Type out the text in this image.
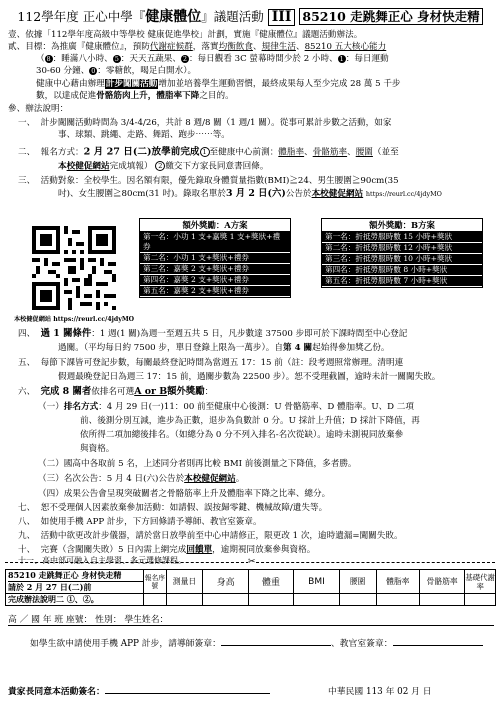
112學年度 正心中學『健康體位』議題活動 III 85210 走跳舞正心 身材快走精
壹、依據「112學年度高級中等學校 健康促進學校」計劃，實施『健康體位』議題活動辦法。
貳、目標：為推廣『健康體位』，預防代謝症候群，落實均衡飲食、規律生活、85210 五大核心能力
（ 8 ：睡滿八小時、 5 ：天天五蔬果、 2 ：每日觀看 3C 螢幕時間少於 2 小時、 1 ：每日運動
30-60 分鐘、 0 ：零糖飲，喝足白開水）。
健康中心藉由辦理計步闖關活動增加並培養學生運動習慣，最終成果每人至少完成 28 萬 5 千步
數，以達成促進骨骼筋肉上升，體脂率下降之目的。
參、辦法說明：
一、 計步闖關活動時間為 3/4-4/26，共計 8 週/8 關（1 週/1 關）。從事可累計步數之活動，如家
事、球類、跳繩、走路、舞蹈、跑步⋯⋯等。
二、 報名方式：2 月 27 日(二)放學前完成 1 至健康中心前測：體脂率、骨骼筋率、腰圍（並至
本校健促網站完成填報） 2 繳交下方家長同意書回條。
三、 活動對象：全校學生。因名額有限，優先錄取身體質量指數(BMI)≧24、男生腰圍≧90cm(35
吋)、女生腰圍≧80cm(31 吋)。錄取名單於3 月 2 日(六)公告於本校健促網站 https://reurl.cc/4jdyMO
本校健促網站 https://reurl.cc/4jdyMO
額外獎勵：A方案
第一名：小功 1 支+嘉獎 1 支+獎狀+禮券
第二名：小功 1 支+獎狀+禮券
第三名：嘉獎 2 支+獎狀+禮券
第四名：嘉獎 2 支+獎狀+禮券
第五名：嘉獎 2 支+獎狀+禮券
額外獎勵：B方案
第一名：折抵勞服時數 15 小時+獎狀
第二名：折抵勞服時數 12 小時+獎狀
第三名：折抵勞服時數 10 小時+獎狀
第四名：折抵勞服時數 8 小時+獎狀
第五名：折抵勞服時數 7 小時+獎狀
四、 過 1 關條件：1 週(1 關)為週一至週五共 5 日，凡步數達 37500 步即可於下課時間至中心登記
過關。（平均每日約 7500 步，單日登錄上限為一萬步）。自第 4 關起始得參加獎乙份。
五、 每節下課皆可登記步數，每關最終登記時間為當週五 17：15 前（註：段考週照常辦理。清明連
假週最晚登記日為週三 17：15 前，過關步數為 22500 步）。恕不受理截圖，逾時未計一關闖失敗。
六、 完成 8 關者依排名可選A or B額外獎勵：
（一）排名方式：4 月 29 日(一)11：00 前至健康中心後測：U 骨骼筋率、D 體脂率。U、D 二項
前、後測分別互減，進步為正數，退步為負數計 0 分。U 採計上升值；D 採計下降值，再
依所得二項加總後排名。（如總分為 0 分不列入排名-名次從缺）。逾時未測視同放棄參
與資格。
（二）國高中各取前 5 名，上述同分者則再比較 BMI 前後測量之下降值，多者勝。
（三）名次公告：5 月 4 日(六)公告於本校健促網站。
（四）成果公告會呈現突破關者之骨骼筋率上升及體脂率下降之比率、總分。
七、 恕不受理個人因素放棄參加活動：如請假、誤按歸零鍵、機械故障/遺失等。
八、 如使用手機 APP 計步，下方回條請予導師、教官室簽章。
九、 活動中欲更改計步儀器，請於當日放學前至中心申請修正，限更改 1 次，逾時遺漏=闖關失敗。
十、 完賽（含闖關失敗）5 日內需上網完成回饋單，逾期視同放棄參與資格。
十一、高中部可融入自主學習、多元選修課程。	✂
85210 走跳舞正心 身材快走精
請於 2 月 27 日(二)前	報名序號	測量日	身高	體重	BMI	腰圍	體脂率	骨骼筋率	基礎代謝率
完成辦法說明二 ①、②。									
高 ／ 國 年 班 座號： 性別： 學生姓名：
如學生欲申請使用手機 APP 計步，請導師簽章：	、教官室簽章：
貴家長同意本活動簽名：	中華民國 113 年 02 月 日
